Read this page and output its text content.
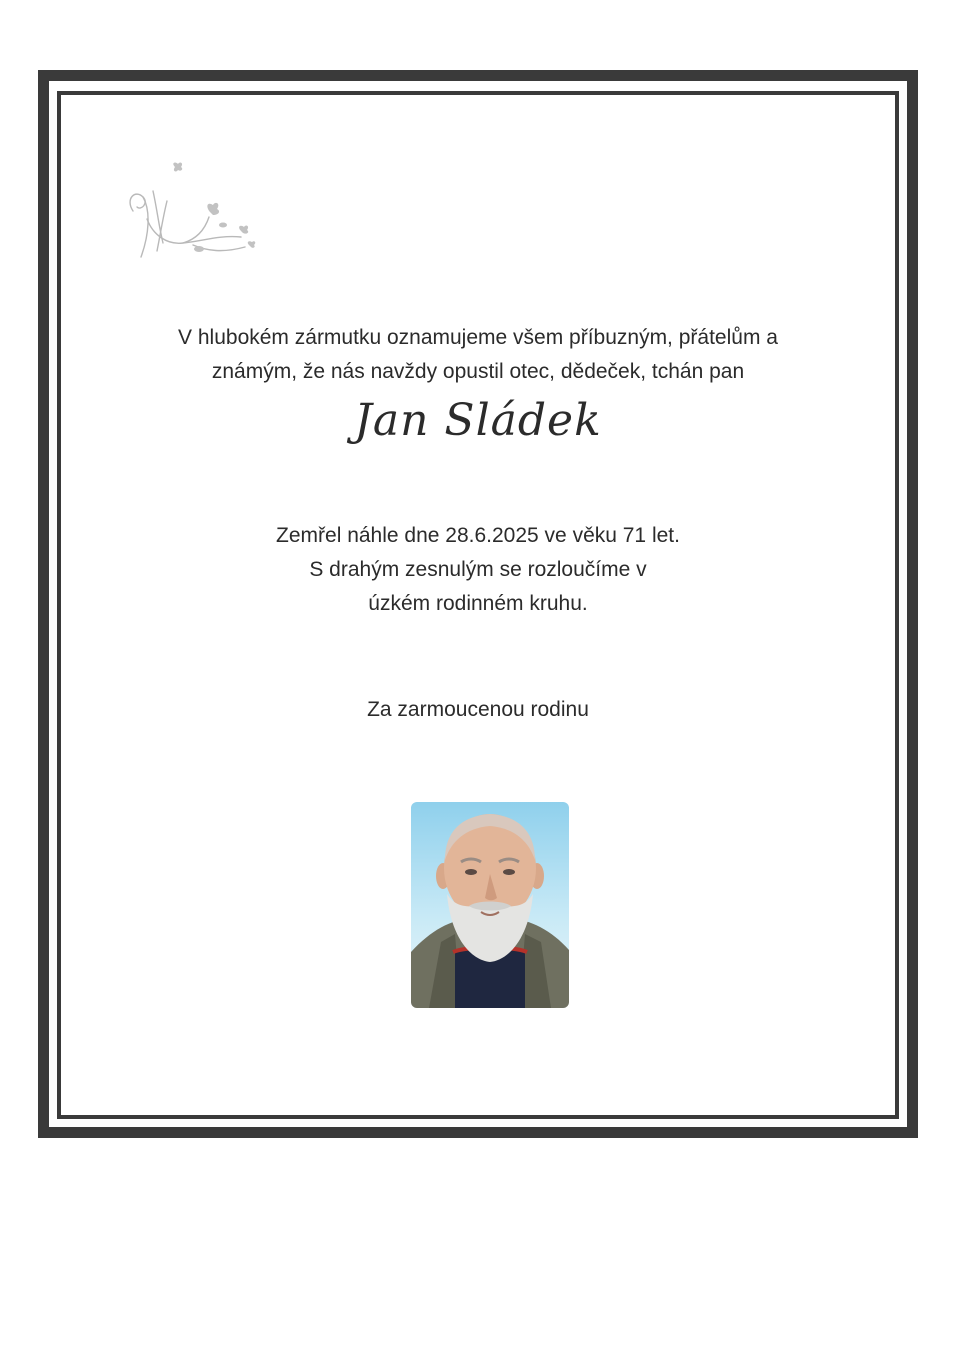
V hlubokém zármutku oznamujeme všem příbuzným, přátelům a

známým, že nás navždy opustil otec, dědeček, tchán pan

Jan Sládek

Zemřel náhle dne 28.6.2025 ve věku 71 let.

S drahým zesnulým se rozloučíme v

úzkém rodinném kruhu.

Za zarmoucenou rodinu
